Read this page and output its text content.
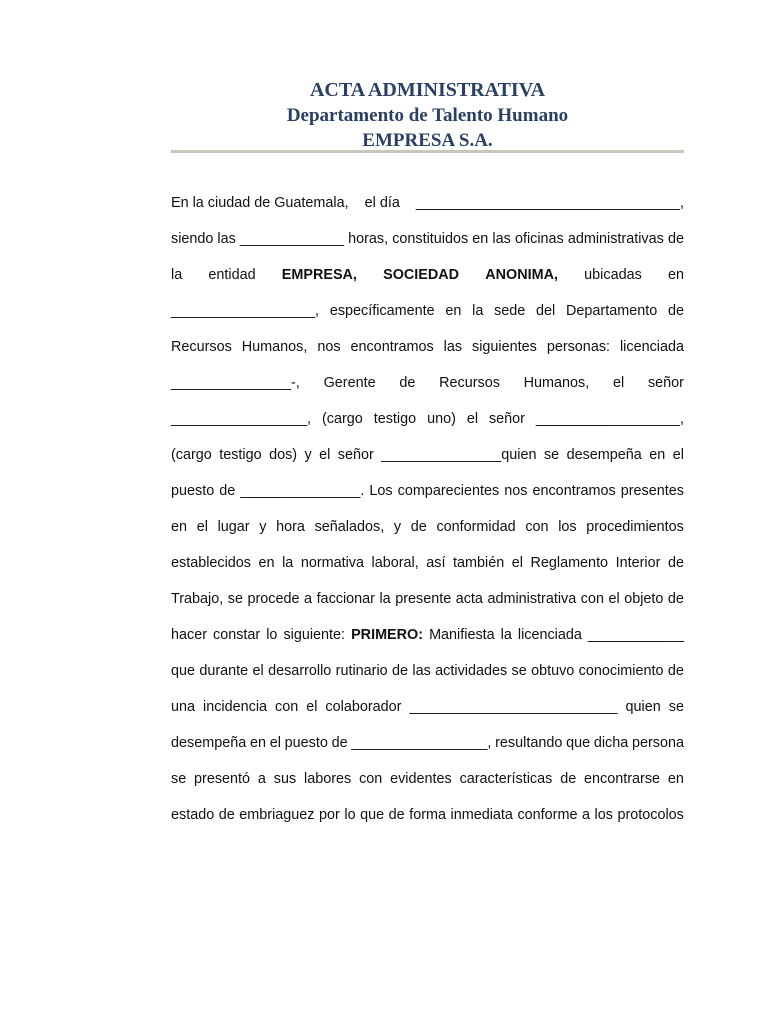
ACTA ADMINISTRATIVA
Departamento de Talento Humano
EMPRESA S.A.
En la ciudad de Guatemala, el día _________________________________,
siendo las _____________ horas, constituidos en las oficinas administrativas de
la entidad EMPRESA, SOCIEDAD ANONIMA, ubicadas en
__________________, específicamente en la sede del Departamento de
Recursos Humanos, nos encontramos las siguientes personas: licenciada
_______________-, Gerente de Recursos Humanos, el señor
_________________, (cargo testigo uno) el señor __________________,
(cargo testigo dos) y el señor _______________quien se desempeña en el
puesto de _______________. Los comparecientes nos encontramos presentes
en el lugar y hora señalados, y de conformidad con los procedimientos
establecidos en la normativa laboral, así también el Reglamento Interior de
Trabajo, se procede a faccionar la presente acta administrativa con el objeto de
hacer constar lo siguiente: PRIMERO: Manifiesta la licenciada ____________
que durante el desarrollo rutinario de las actividades se obtuvo conocimiento de
una incidencia con el colaborador __________________________ quien se
desempeña en el puesto de _________________, resultando que dicha persona
se presentó a sus labores con evidentes características de encontrarse en
estado de embriaguez por lo que de forma inmediata conforme a los protocolos
